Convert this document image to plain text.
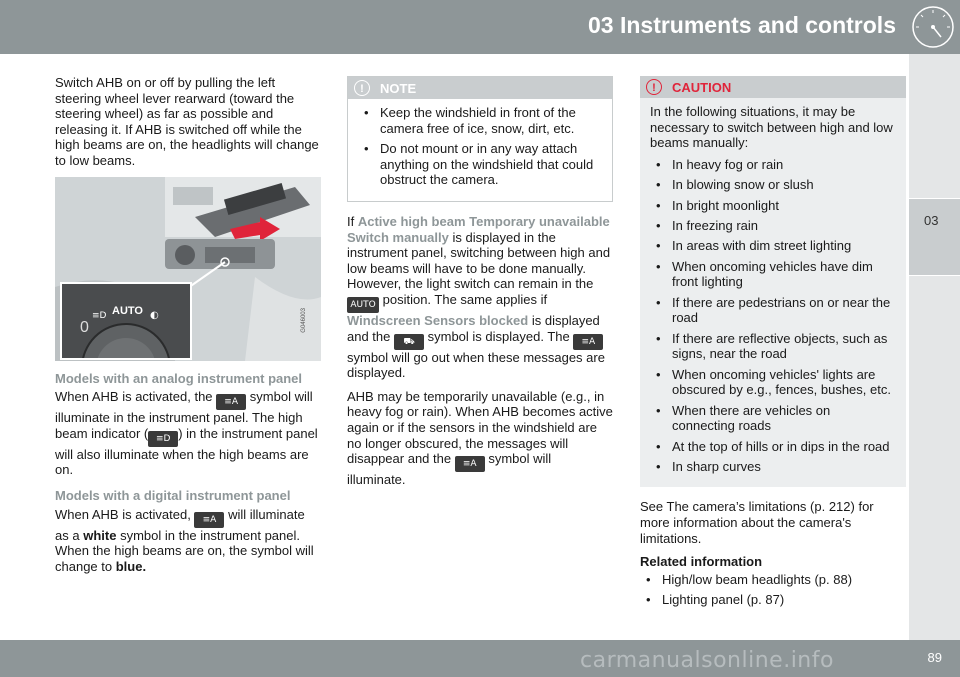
03 Instruments and controls
03

Switch AHB on or off by pulling the left steering wheel lever rearward (toward the steering wheel) as far as possible and releasing it. If AHB is switched off while the high beams are on, the headlights will change to low beams.

◐
≡D AUTO
0	G046003
Models with an analog instrument panel

When AHB is activated, the ≡A symbol will illuminate in the instrument panel. The high beam indicator ( ≡D ) in the instrument panel will also illuminate when the high beams are on.

Models with a digital instrument panel

When AHB is activated, ≡A will illuminate as a white symbol in the instrument panel. When the high beams are on, the symbol will change to blue.

!	NOTE
• Keep the windshield in front of the camera free of ice, snow, dirt, etc.
• Do not mount or in any way attach anything on the windshield that could obstruct the camera.

If Active high beam Temporary unavailable Switch manually is displayed in the instrument panel, switching between high and low beams will have to be done manually. However, the light switch can remain in the AUTO position. The same applies if Windscreen Sensors blocked is displayed and the ⛟ symbol is displayed. The ≡A symbol will go out when these messages are displayed.

AHB may be temporarily unavailable (e.g., in heavy fog or rain). When AHB becomes active again or if the sensors in the windshield are no longer obscured, the messages will disappear and the ≡A symbol will illuminate.

!	CAUTION

In the following situations, it may be necessary to switch between high and low beams manually:

• In heavy fog or rain
• In blowing snow or slush
• In bright moonlight
• In freezing rain
• In areas with dim street lighting
• When oncoming vehicles have dim front lighting
• If there are pedestrians on or near the road
• If there are reflective objects, such as signs, near the road
• When oncoming vehicles' lights are obscured by e.g., fences, bushes, etc.
• When there are vehicles on connecting roads
• At the top of hills or in dips in the road
• In sharp curves

See The camera’s limitations (p. 212) for more information about the camera's limitations.

Related information
• High/low beam headlights (p. 88)
• Lighting panel (p. 87)
89
carmanualsonline.info
